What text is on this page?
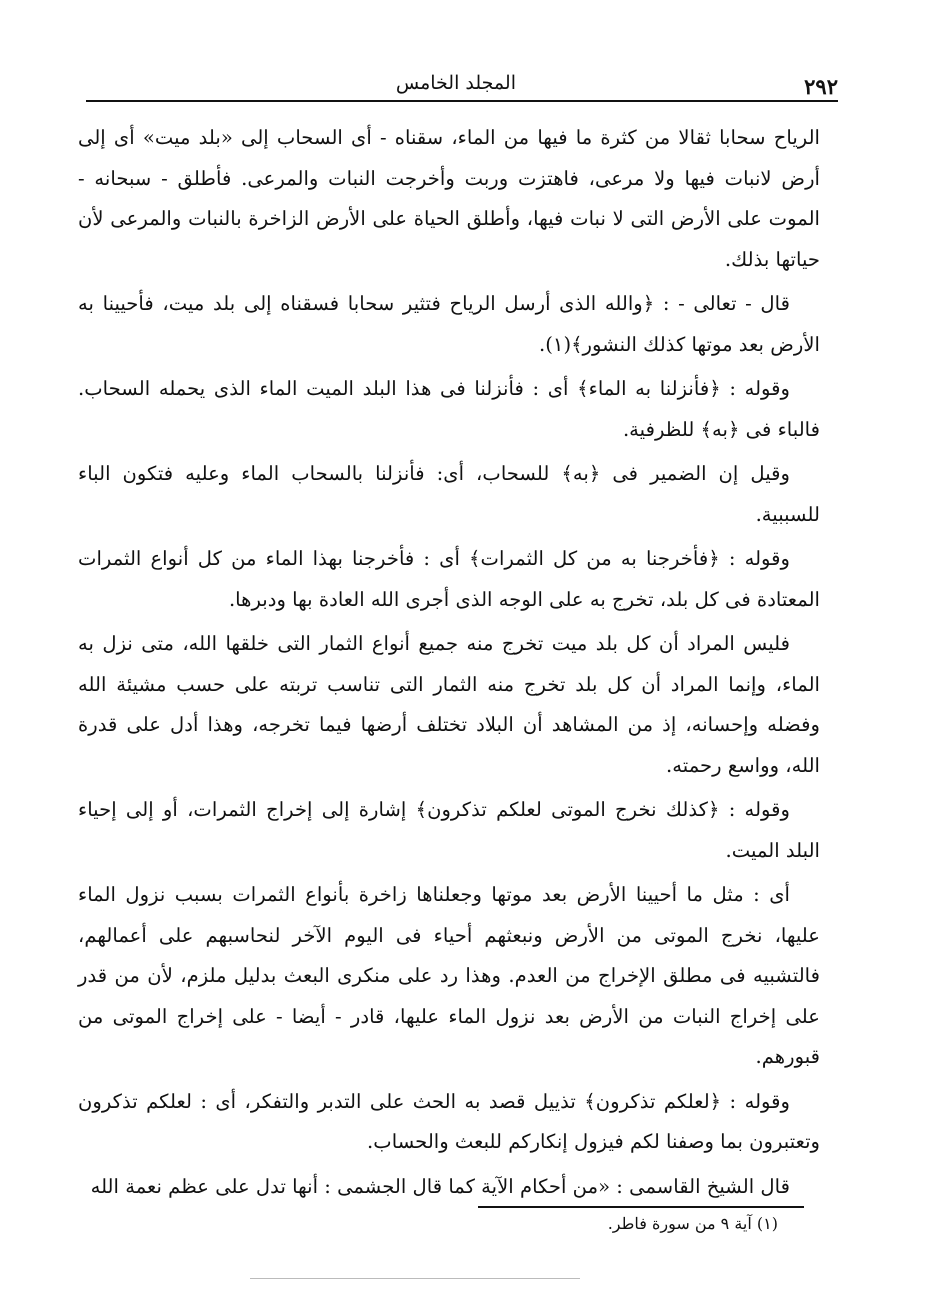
٢٩٢
المجلد الخامس

الرياح سحابا ثقالا من كثرة ما فيها من الماء، سقناه - أى السحاب إلى «بلد ميت» أى إلى أرض لانبات فيها ولا مرعى، فاهتزت وربت وأخرجت النبات والمرعى. فأطلق - سبحانه - الموت على الأرض التى لا نبات فيها، وأطلق الحياة على الأرض الزاخرة بالنبات والمرعى لأن حياتها بذلك.

قال - تعالى - : ﴿والله الذى أرسل الرياح فتثير سحابا فسقناه إلى بلد ميت، فأحيينا به الأرض بعد موتها كذلك النشور﴾(١).

وقوله : ﴿فأنزلنا به الماء﴾ أى : فأنزلنا فى هذا البلد الميت الماء الذى يحمله السحاب. فالباء فى ﴿به﴾ للظرفية.

وقيل إن الضمير فى ﴿به﴾ للسحاب، أى: فأنزلنا بالسحاب الماء وعليه فتكون الباء للسببية.

وقوله : ﴿فأخرجنا به من كل الثمرات﴾ أى : فأخرجنا بهذا الماء من كل أنواع الثمرات المعتادة فى كل بلد، تخرج به على الوجه الذى أجرى الله العادة بها ودبرها.

فليس المراد أن كل بلد ميت تخرج منه جميع أنواع الثمار التى خلقها الله، متى نزل به الماء، وإنما المراد أن كل بلد تخرج منه الثمار التى تناسب تربته على حسب مشيئة الله وفضله وإحسانه، إذ من المشاهد أن البلاد تختلف أرضها فيما تخرجه، وهذا أدل على قدرة الله، وواسع رحمته.

وقوله : ﴿كذلك نخرج الموتى لعلكم تذكرون﴾ إشارة إلى إخراج الثمرات، أو إلى إحياء البلد الميت.

أى : مثل ما أحيينا الأرض بعد موتها وجعلناها زاخرة بأنواع الثمرات بسبب نزول الماء عليها، نخرج الموتى من الأرض ونبعثهم أحياء فى اليوم الآخر لنحاسبهم على أعمالهم، فالتشبيه فى مطلق الإخراج من العدم. وهذا رد على منكرى البعث بدليل ملزم، لأن من قدر على إخراج النبات من الأرض بعد نزول الماء عليها، قادر - أيضا - على إخراج الموتى من قبورهم.

وقوله : ﴿لعلكم تذكرون﴾ تذييل قصد به الحث على التدبر والتفكر، أى : لعلكم تذكرون وتعتبرون بما وصفنا لكم فيزول إنكاركم للبعث والحساب.

قال الشيخ القاسمى : «من أحكام الآية كما قال الجشمى : أنها تدل على عظم نعمة الله

(١) آية ٩ من سورة فاطر.
